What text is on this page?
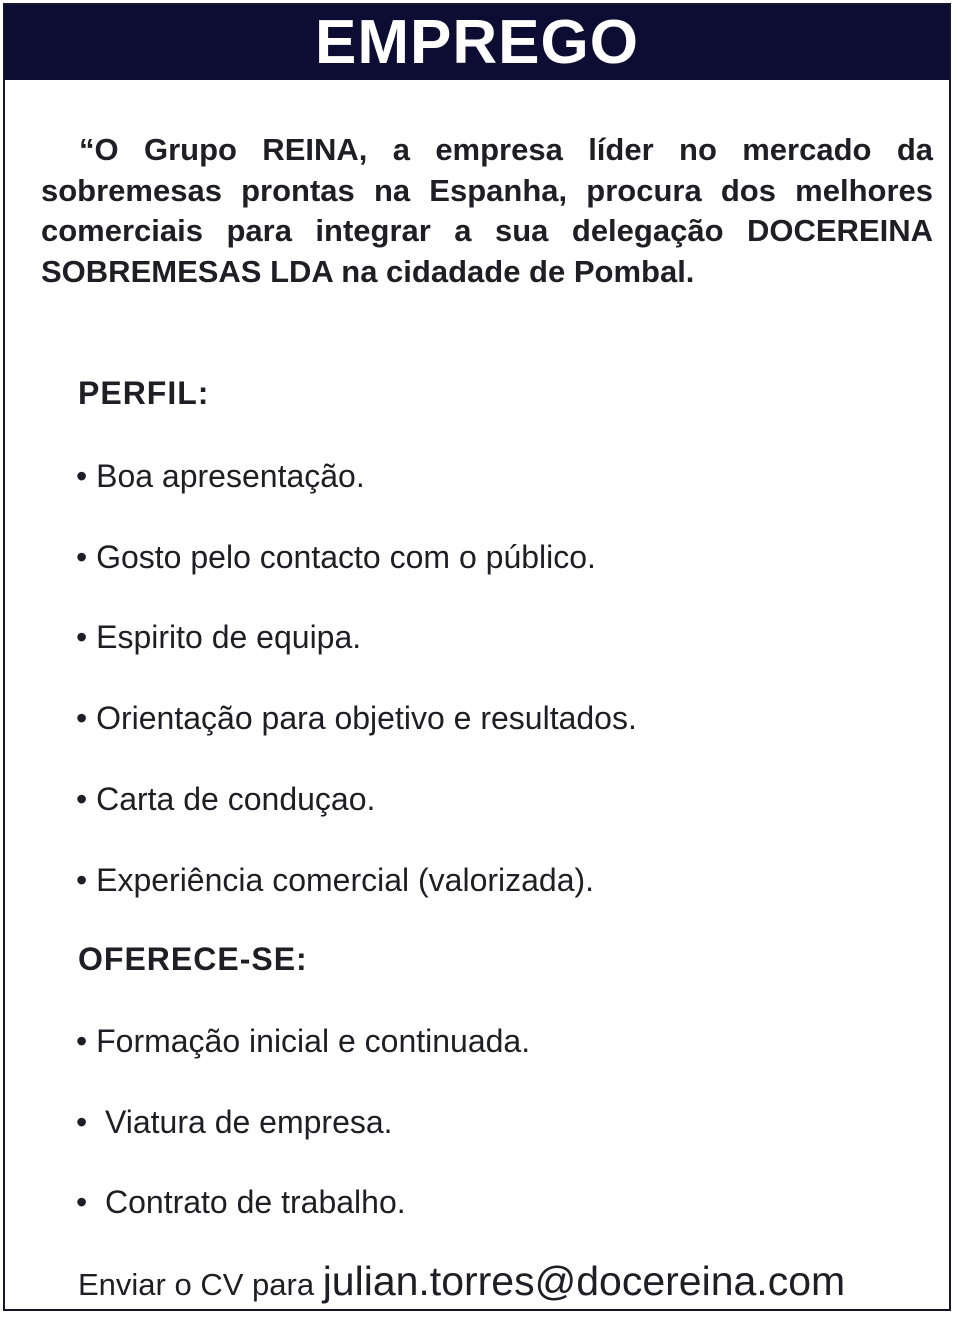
EMPREGO

“O Grupo REINA, a empresa líder no mercado da sobremesas prontas na Espanha, procura dos melhores comerciais para integrar a sua delegação DOCEREINA SOBREMESAS LDA na cidadade de Pombal.

PERFIL:

• Boa apresentação.

• Gosto pelo contacto com o público.

• Espirito de equipa.

• Orientação para objetivo e resultados.

• Carta de conduçao.

• Experiência comercial (valorizada).

OFERECE-SE:

• Formação inicial e continuada.

•  Viatura de empresa.

•  Contrato de trabalho.

Enviar o CV para julian.torres@docereina.com
